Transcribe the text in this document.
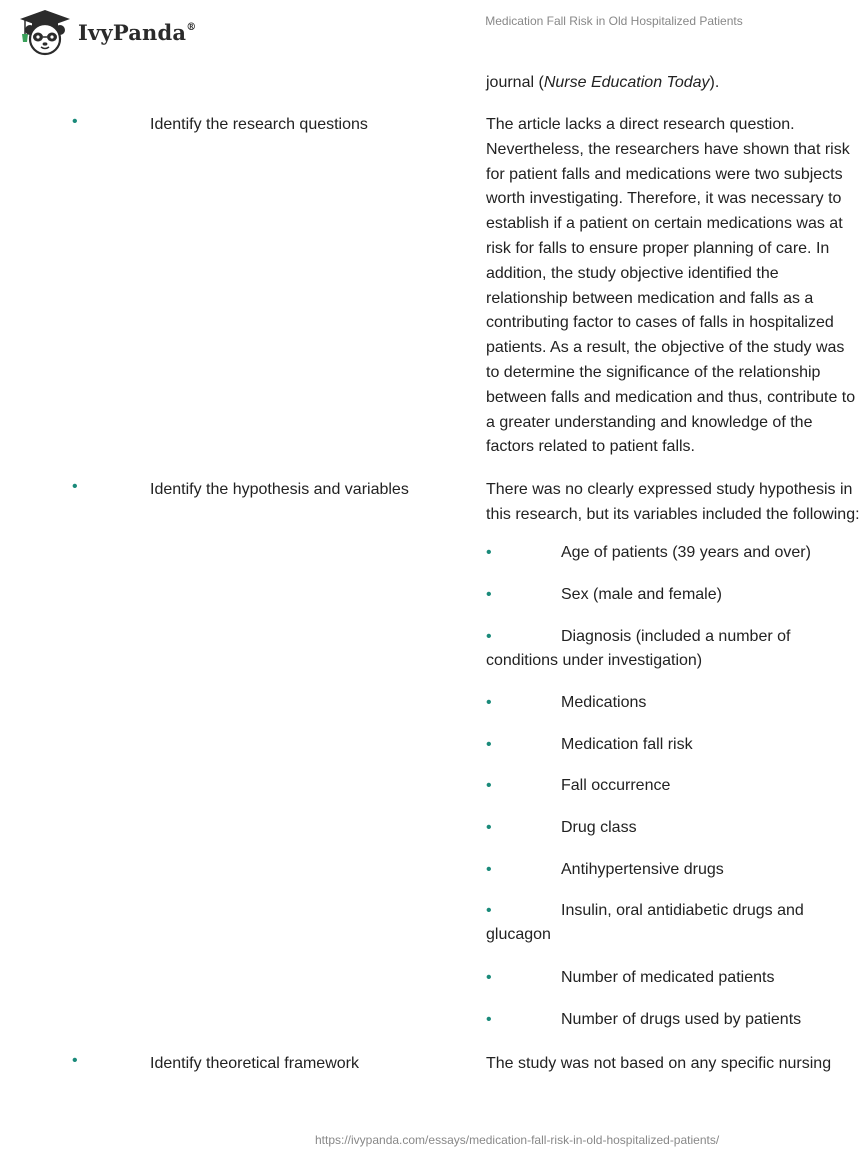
IvyPanda®	Medication Fall Risk in Old Hospitalized Patients
journal (Nurse Education Today).
•	Identify the research questions	The article lacks a direct research question.
Nevertheless, the researchers have shown that risk
for patient falls and medications were two subjects
worth investigating. Therefore, it was necessary to
establish if a patient on certain medications was at
risk for falls to ensure proper planning of care. In
addition, the study objective identified the
relationship between medication and falls as a
contributing factor to cases of falls in hospitalized
patients. As a result, the objective of the study was
to determine the significance of the relationship
between falls and medication and thus, contribute to
a greater understanding and knowledge of the
factors related to patient falls.
•	Identify the hypothesis and variables	There was no clearly expressed study hypothesis in
this research, but its variables included the following:
•	Age of patients (39 years and over)
•	Sex (male and female)
•	Diagnosis (included a number of
conditions under investigation)
•	Medications
•	Medication fall risk
•	Fall occurrence
•	Drug class
•	Antihypertensive drugs
•	Insulin, oral antidiabetic drugs and
glucagon
•	Number of medicated patients
•	Number of drugs used by patients
•	Identify theoretical framework	The study was not based on any specific nursing
https://ivypanda.com/essays/medication-fall-risk-in-old-hospitalized-patients/
